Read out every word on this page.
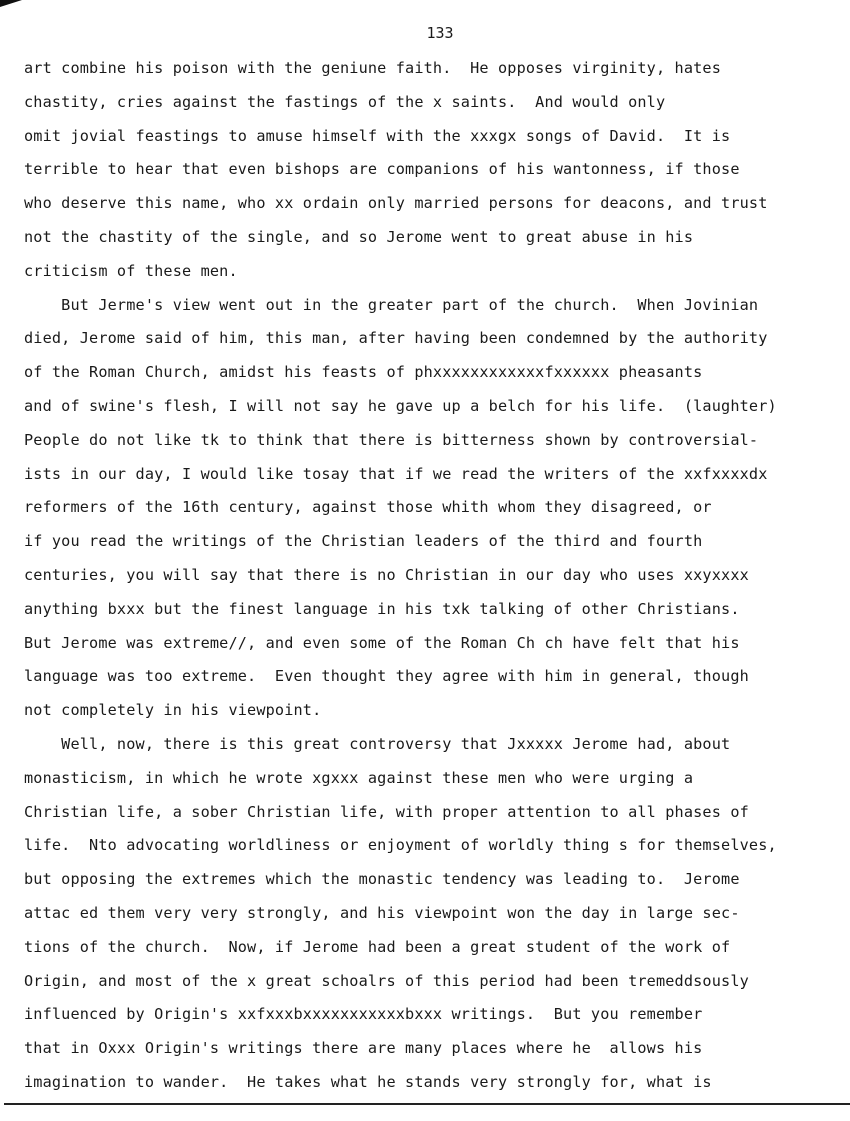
133
art combine his poison with the geniune faith.  He opposes virginity, hates
chastity, cries against the fastings of the x saints.  And would only
omit jovial feastings to amuse himself with the xxxgx songs of David.  It is
terrible to hear that even bishops are companions of his wantonness, if those
who deserve this name, who xx ordain only married persons for deacons, and trust
not the chastity of the single, and so Jerome went to great abuse in his
criticism of these men.
But Jerme's view went out in the greater part of the church.  When Jovinian
died, Jerome said of him, this man, after having been condemned by the authority
of the Roman Church, amidst his feasts of phxxxxxxxxxxxxfxxxxxx pheasants
and of swine's flesh, I will not say he gave up a belch for his life.  (laughter)
People do not like tk to think that there is bitterness shown by controversial-
ists in our day, I would like tosay that if we read the writers of the xxfxxxxdx
reformers of the 16th century, against those whith whom they disagreed, or
if you read the writings of the Christian leaders of the third and fourth
centuries, you will say that there is no Christian in our day who uses xxyxxxx
anything bxxx but the finest language in his txk talking of other Christians.
But Jerome was extreme//, and even some of the Roman Ch ch have felt that his
language was too extreme.  Even thought they agree with him in general, though
not completely in his viewpoint.
Well, now, there is this great controversy that Jxxxxx Jerome had, about
monasticism, in which he wrote xgxxx against these men who were urging a
Christian life, a sober Christian life, with proper attention to all phases of
life.  Nto advocating worldliness or enjoyment of worldly thing s for themselves,
but opposing the extremes which the monastic tendency was leading to.  Jerome
attac ed them very very strongly, and his viewpoint won the day in large sec-
tions of the church.  Now, if Jerome had been a great student of the work of
Origin, and most of the x great schoalrs of this period had been tremeddsously
influenced by Origin's xxfxxxbxxxxxxxxxxxbxxx writings.  But you remember
that in Oxxx Origin's writings there are many places where he  allows his
imagination to wander.  He takes what he stands very strongly for, what is
